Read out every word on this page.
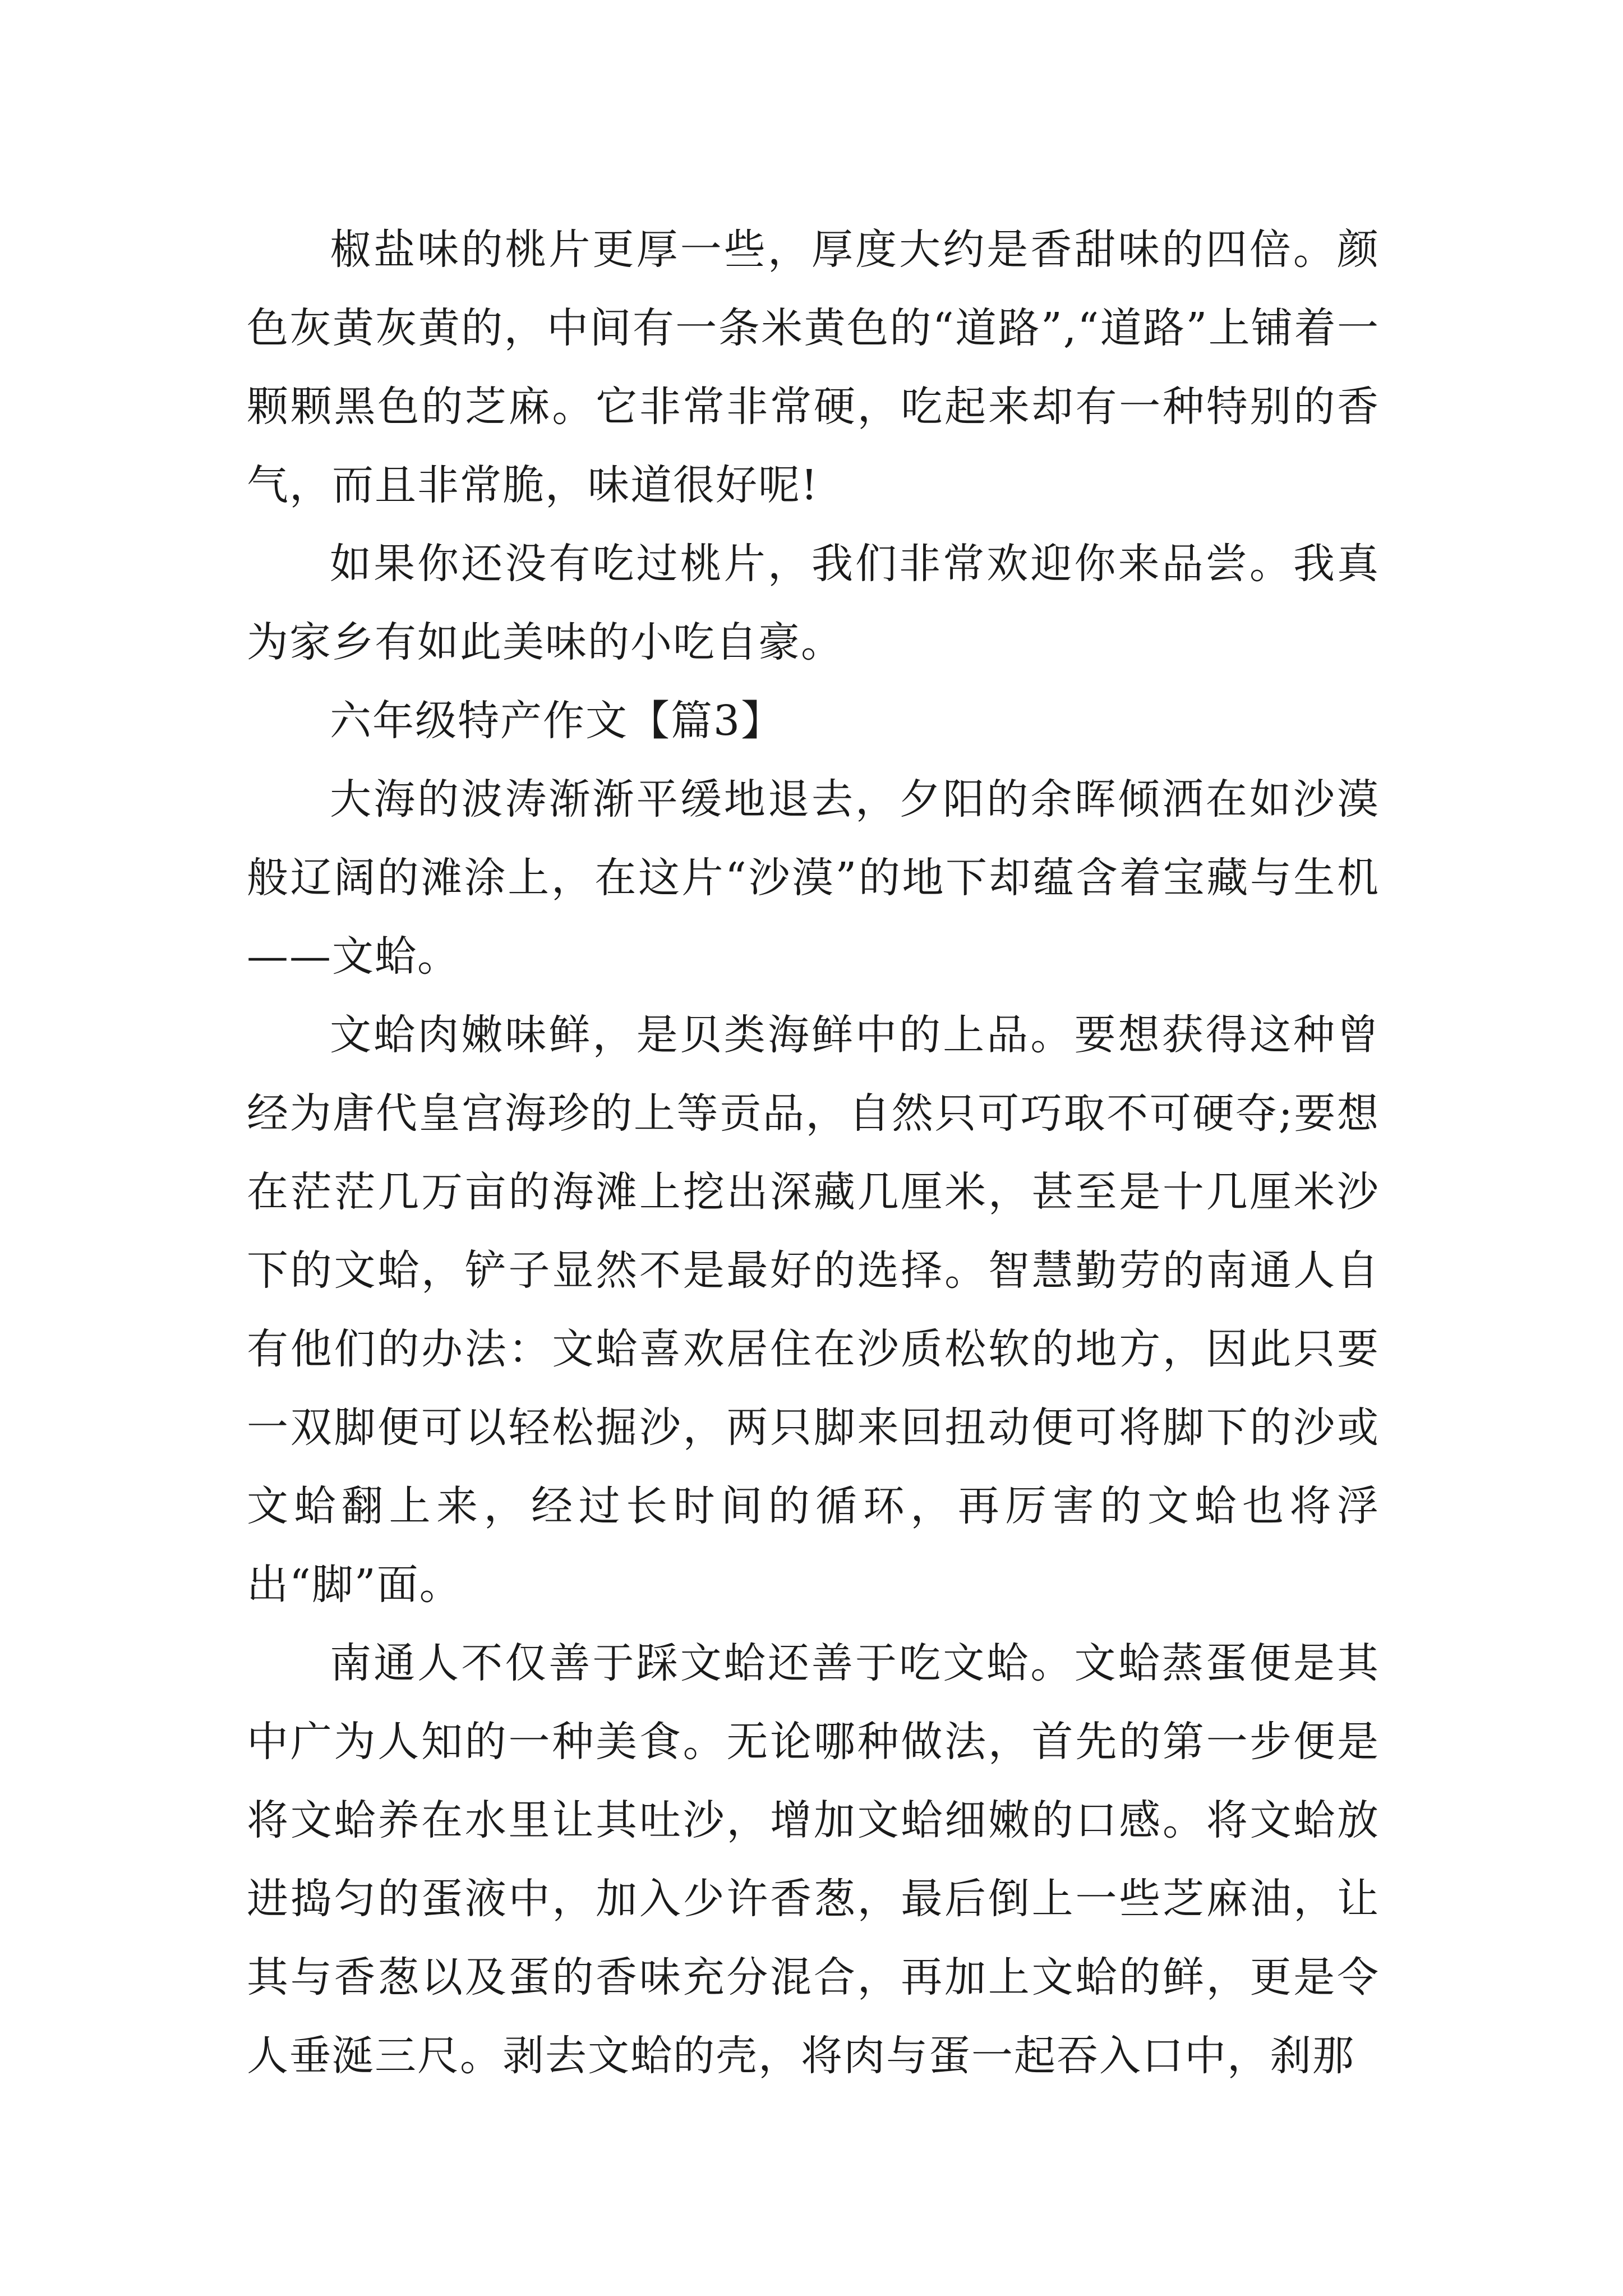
椒盐味的桃片更厚一些，厚度大约是香甜味的四倍。颜色灰黄灰黄的，中间有一条米黄色的“道路”,“道路”上铺着一颗颗黑色的芝麻。它非常非常硬，吃起来却有一种特别的香气，而且非常脆，味道很好呢!

如果你还没有吃过桃片，我们非常欢迎你来品尝。我真为家乡有如此美味的小吃自豪。

六年级特产作文【篇3】

大海的波涛渐渐平缓地退去，夕阳的余晖倾洒在如沙漠般辽阔的滩涂上，在这片“沙漠”的地下却蕴含着宝藏与生机——文蛤。

文蛤肉嫩味鲜，是贝类海鲜中的上品。要想获得这种曾经为唐代皇宫海珍的上等贡品，自然只可巧取不可硬夺;要想在茫茫几万亩的海滩上挖出深藏几厘米，甚至是十几厘米沙下的文蛤，铲子显然不是最好的选择。智慧勤劳的南通人自有他们的办法：文蛤喜欢居住在沙质松软的地方，因此只要一双脚便可以轻松掘沙，两只脚来回扭动便可将脚下的沙或文蛤翻上来，经过长时间的循环，再厉害的文蛤也将浮出“脚”面。

南通人不仅善于踩文蛤还善于吃文蛤。文蛤蒸蛋便是其中广为人知的一种美食。无论哪种做法，首先的第一步便是将文蛤养在水里让其吐沙，增加文蛤细嫩的口感。将文蛤放进捣匀的蛋液中，加入少许香葱，最后倒上一些芝麻油，让其与香葱以及蛋的香味充分混合，再加上文蛤的鲜，更是令人垂涎三尺。剥去文蛤的壳，将肉与蛋一起吞入口中，刹那
